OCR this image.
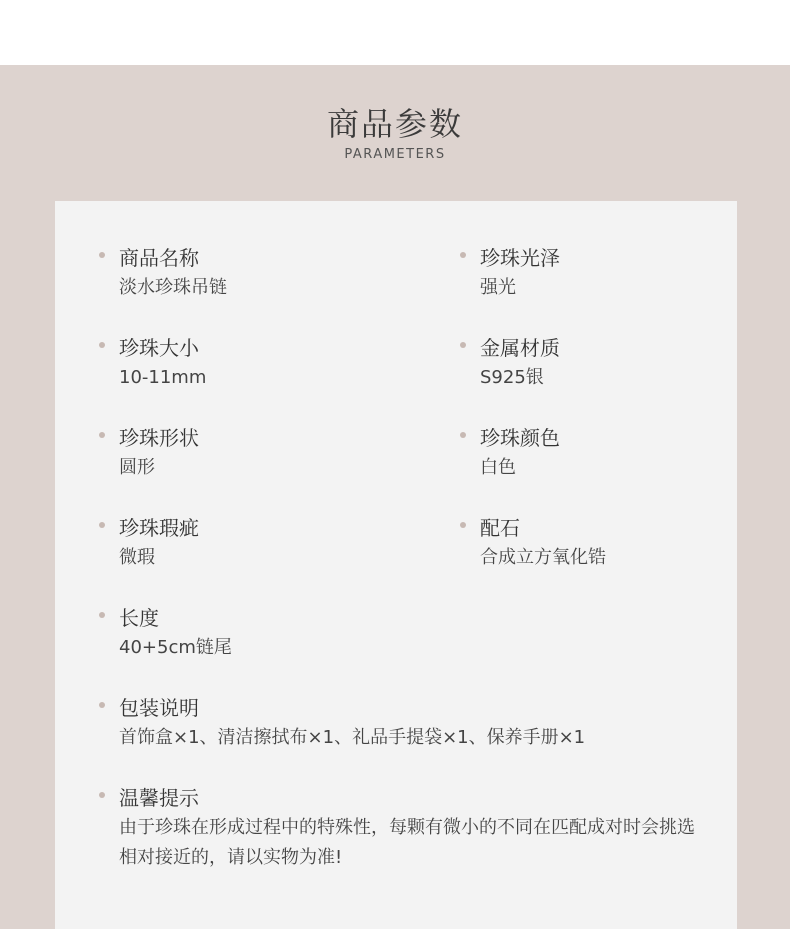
商品参数
PARAMETERS
商品名称
淡水珍珠吊链
珍珠光泽
强光
珍珠大小
10-11mm
金属材质
S925银
珍珠形状
圆形
珍珠颜色
白色
珍珠瑕疵
微瑕
配石
合成立方氧化锆
长度
40+5cm链尾
包装说明
首饰盒×1、清洁擦拭布×1、礼品手提袋×1、保养手册×1
温馨提示
由于珍珠在形成过程中的特殊性，每颗有微小的不同在匹配成对时会挑选相对接近的，请以实物为准!
